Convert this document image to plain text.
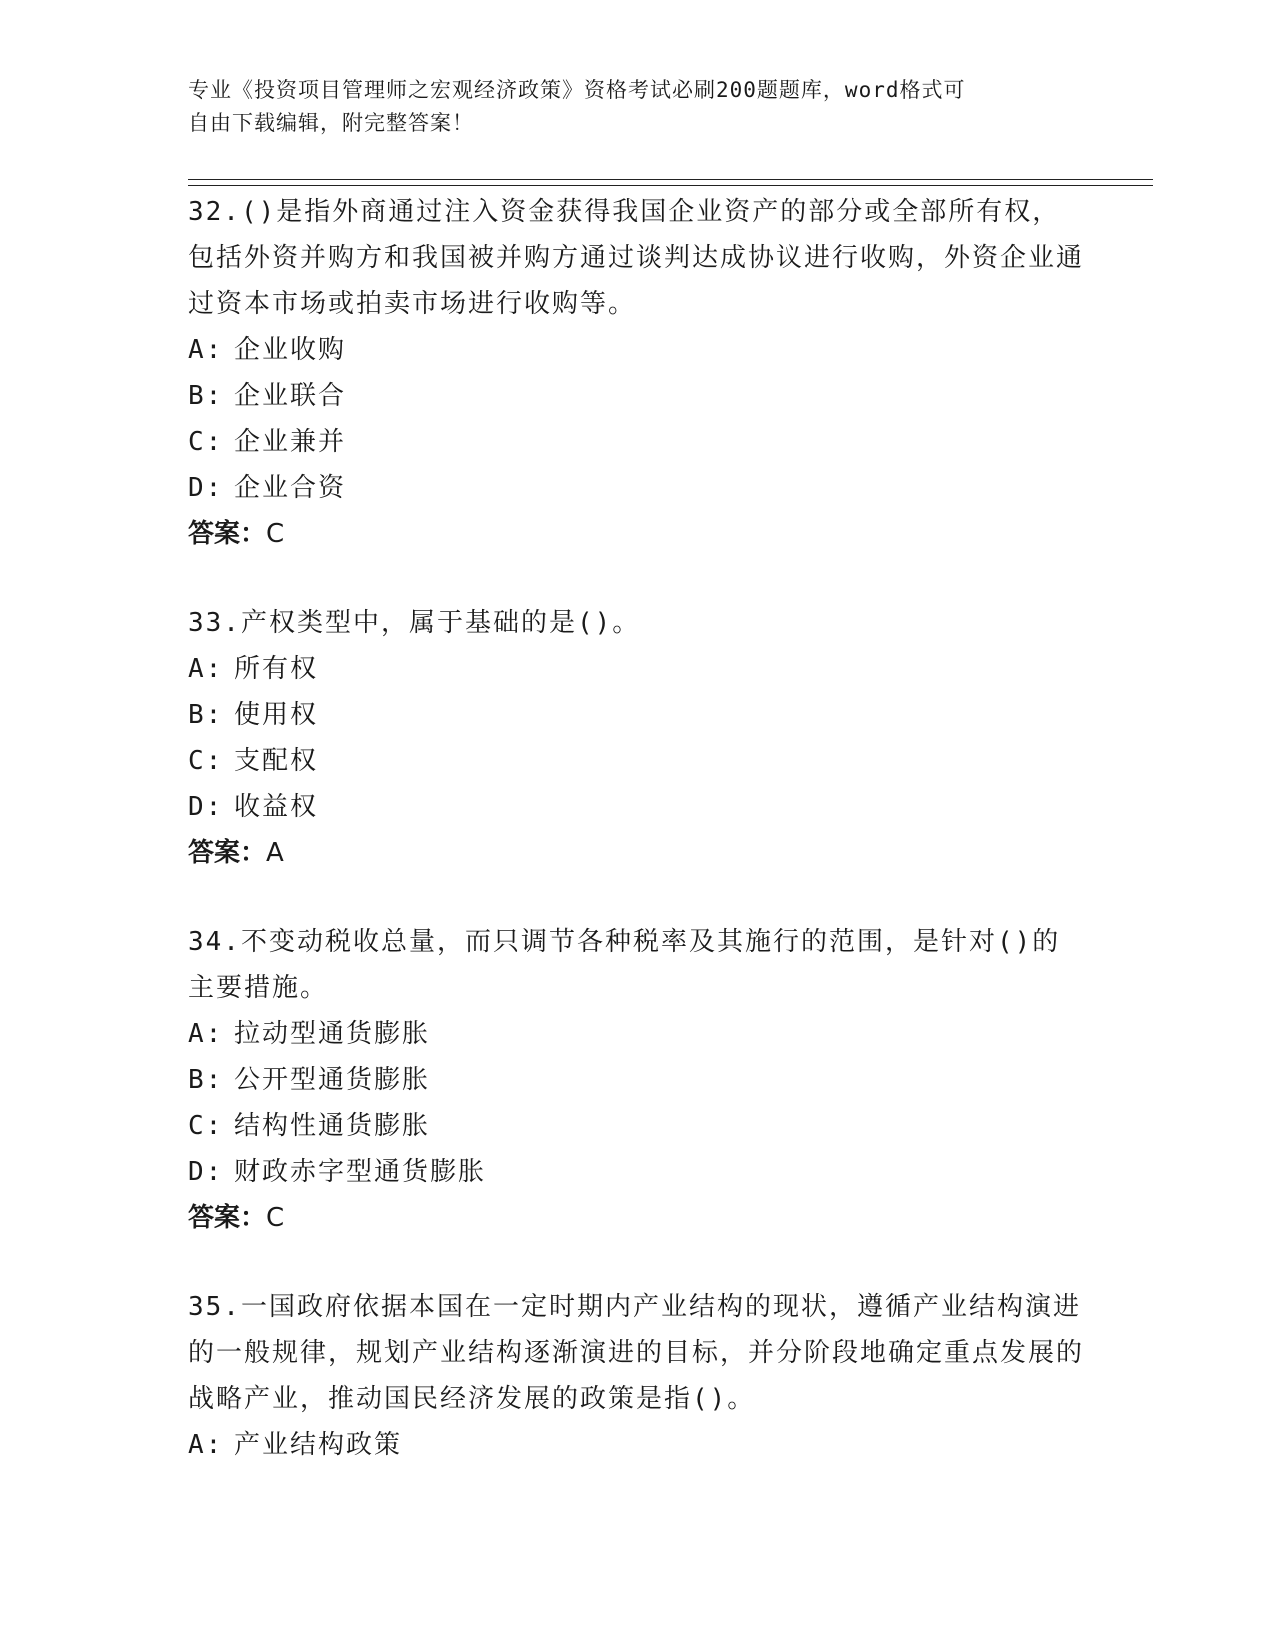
专业《投资项目管理师之宏观经济政策》资格考试必刷200题题库，word格式可
自由下载编辑，附完整答案！

32.()是指外商通过注入资金获得我国企业资产的部分或全部所有权，包括外资并购方和我国被并购方通过谈判达成协议进行收购，外资企业通过资本市场或拍卖市场进行收购等。

A: 企业收购

B: 企业联合

C: 企业兼并

D: 企业合资

答案：C

33.产权类型中，属于基础的是()。

A: 所有权

B: 使用权

C: 支配权

D: 收益权

答案：A

34.不变动税收总量，而只调节各种税率及其施行的范围，是针对()的主要措施。

A: 拉动型通货膨胀

B: 公开型通货膨胀

C: 结构性通货膨胀

D: 财政赤字型通货膨胀

答案：C

35.一国政府依据本国在一定时期内产业结构的现状，遵循产业结构演进的一般规律，规划产业结构逐渐演进的目标，并分阶段地确定重点发展的战略产业，推动国民经济发展的政策是指()。

A: 产业结构政策
